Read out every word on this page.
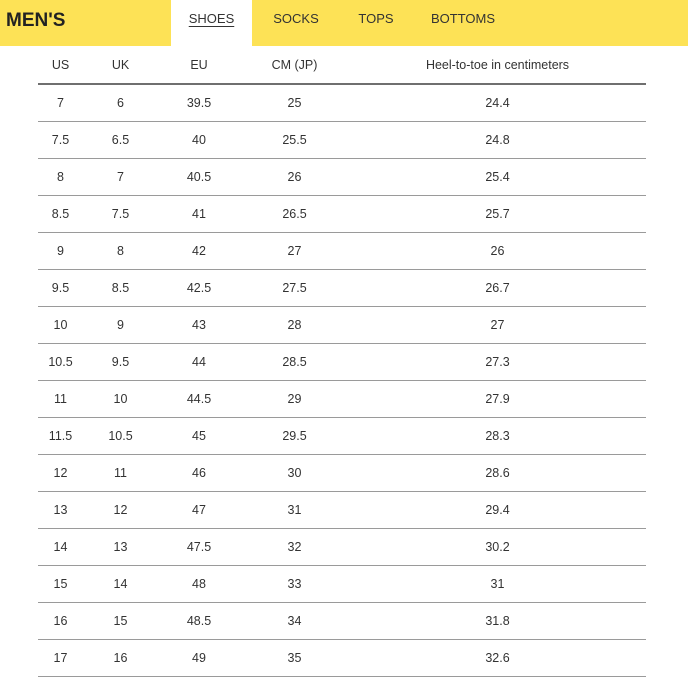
MEN'S	SHOES	SOCKS	TOPS	BOTTOMS
US	UK	EU	CM (JP)	Heel-to-toe in centimeters
7	6	39.5	25	24.4
7.5	6.5	40	25.5	24.8
8	7	40.5	26	25.4
8.5	7.5	41	26.5	25.7
9	8	42	27	26
9.5	8.5	42.5	27.5	26.7
10	9	43	28	27
10.5	9.5	44	28.5	27.3
11	10	44.5	29	27.9
11.5	10.5	45	29.5	28.3
12	11	46	30	28.6
13	12	47	31	29.4
14	13	47.5	32	30.2
15	14	48	33	31
16	15	48.5	34	31.8
17	16	49	35	32.6
